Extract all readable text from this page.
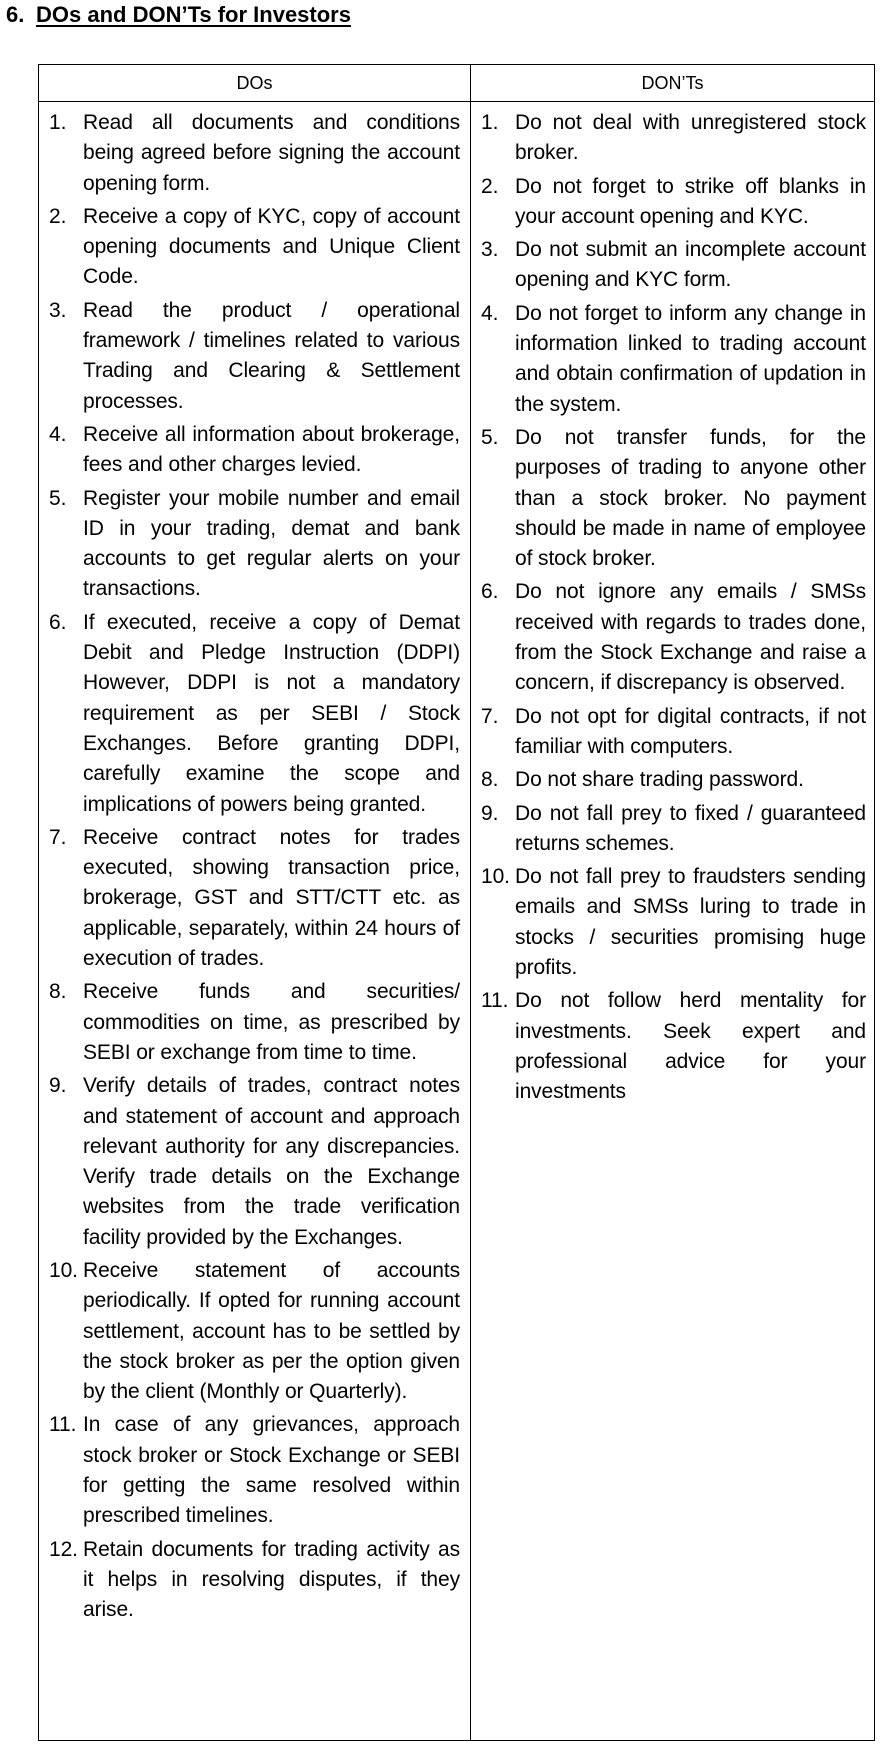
6. DOs and DON’Ts for Investors
DOs
1. Read all documents and conditions being agreed before signing the account opening form.
2. Receive a copy of KYC, copy of account opening documents and Unique Client Code.
3. Read the product / operational framework / timelines related to various Trading and Clearing & Settlement processes.
4. Receive all information about brokerage, fees and other charges levied.
5. Register your mobile number and email ID in your trading, demat and bank accounts to get regular alerts on your transactions.
6. If executed, receive a copy of Demat Debit and Pledge Instruction (DDPI) However, DDPI is not a mandatory requirement as per SEBI / Stock Exchanges. Before granting DDPI, carefully examine the scope and implications of powers being granted.
7. Receive contract notes for trades executed, showing transaction price, brokerage, GST and STT/CTT etc. as applicable, separately, within 24 hours of execution of trades.
8. Receive funds and securities/ commodities on time, as prescribed by SEBI or exchange from time to time.
9. Verify details of trades, contract notes and statement of account and approach relevant authority for any discrepancies. Verify trade details on the Exchange websites from the trade verification facility provided by the Exchanges.
10. Receive statement of accounts periodically. If opted for running account settlement, account has to be settled by the stock broker as per the option given by the client (Monthly or Quarterly).
11. In case of any grievances, approach stock broker or Stock Exchange or SEBI for getting the same resolved within prescribed timelines.
12. Retain documents for trading activity as it helps in resolving disputes, if they arise.
DON’Ts
1. Do not deal with unregistered stock broker.
2. Do not forget to strike off blanks in your account opening and KYC.
3. Do not submit an incomplete account opening and KYC form.
4. Do not forget to inform any change in information linked to trading account and obtain confirmation of updation in the system.
5. Do not transfer funds, for the purposes of trading to anyone other than a stock broker. No payment should be made in name of employee of stock broker.
6. Do not ignore any emails / SMSs received with regards to trades done, from the Stock Exchange and raise a concern, if discrepancy is observed.
7. Do not opt for digital contracts, if not familiar with computers.
8. Do not share trading password.
9. Do not fall prey to fixed / guaranteed returns schemes.
10. Do not fall prey to fraudsters sending emails and SMSs luring to trade in stocks / securities promising huge profits.
11. Do not follow herd mentality for investments. Seek expert and professional advice for your investments
